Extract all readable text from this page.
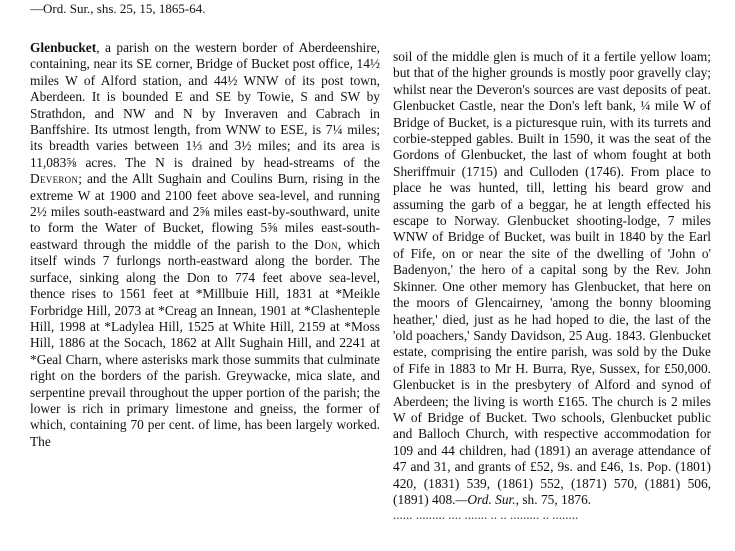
—Ord. Sur., shs. 25, 15, 1865-64.

Glenbucket, a parish on the western border of Aberdeenshire, containing, near its SE corner, Bridge of Bucket post office, 14½ miles W of Alford station, and 44½ WNW of its post town, Aberdeen. It is bounded E and SE by Towie, S and SW by Strathdon, and NW and N by Inveraven and Cabrach in Banffshire. Its utmost length, from WNW to ESE, is 7¼ miles; its breadth varies between 1⅓ and 3½ miles; and its area is 11,083⅝ acres. The N is drained by head-streams of the Deveron; and the Allt Sughain and Coulins Burn, rising in the extreme W at 1900 and 2100 feet above sea-level, and running 2½ miles south-eastward and 2⅝ miles east-by-southward, unite to form the Water of Bucket, flowing 5⅝ miles east-south-eastward through the middle of the parish to the Don, which itself winds 7 furlongs north-eastward along the border. The surface, sinking along the Don to 774 feet above sea-level, thence rises to 1561 feet at *Millbuie Hill, 1831 at *Meikle Forbridge Hill, 2073 at *Creag an Innean, 1901 at *Clashenteple Hill, 1998 at *Ladylea Hill, 1525 at White Hill, 2159 at *Moss Hill, 1886 at the Socach, 1862 at Allt Sughain Hill, and 2241 at *Geal Charn, where asterisks mark those summits that culminate right on the borders of the parish. Greywacke, mica slate, and serpentine prevail throughout the upper portion of the parish; the lower is rich in primary limestone and gneiss, the former of which, containing 70 per cent. of lime, has been largely worked. The

soil of the middle glen is much of it a fertile yellow loam; but that of the higher grounds is mostly poor gravelly clay; whilst near the Deveron's sources are vast deposits of peat. Glenbucket Castle, near the Don's left bank, ¼ mile W of Bridge of Bucket, is a picturesque ruin, with its turrets and corbie-stepped gables. Built in 1590, it was the seat of the Gordons of Glenbucket, the last of whom fought at both Sheriffmuir (1715) and Culloden (1746). From place to place he was hunted, till, letting his beard grow and assuming the garb of a beggar, he at length effected his escape to Norway. Glenbucket shooting-lodge, 7 miles WNW of Bridge of Bucket, was built in 1840 by the Earl of Fife, on or near the site of the dwelling of 'John o' Badenyon,' the hero of a capital song by the Rev. John Skinner. One other memory has Glenbucket, that here on the moors of Glencairney, 'among the bonny blooming heather,' died, just as he had hoped to die, the last of the 'old poachers,' Sandy Davidson, 25 Aug. 1843. Glenbucket estate, comprising the entire parish, was sold by the Duke of Fife in 1883 to Mr H. Burra, Rye, Sussex, for £50,000. Glenbucket is in the presbytery of Alford and synod of Aberdeen; the living is worth £165. The church is 2 miles W of Bridge of Bucket. Two schools, Glenbucket public and Balloch Church, with respective accommodation for 109 and 44 children, had (1891) an average attendance of 47 and 31, and grants of £52, 9s. and £46, 1s. Pop. (1801) 420, (1831) 539, (1861) 552, (1871) 570, (1881) 506, (1891) 408.—Ord. Sur., sh. 75, 1876.

...... ......... .... ....... .. .. ......... .. ........
